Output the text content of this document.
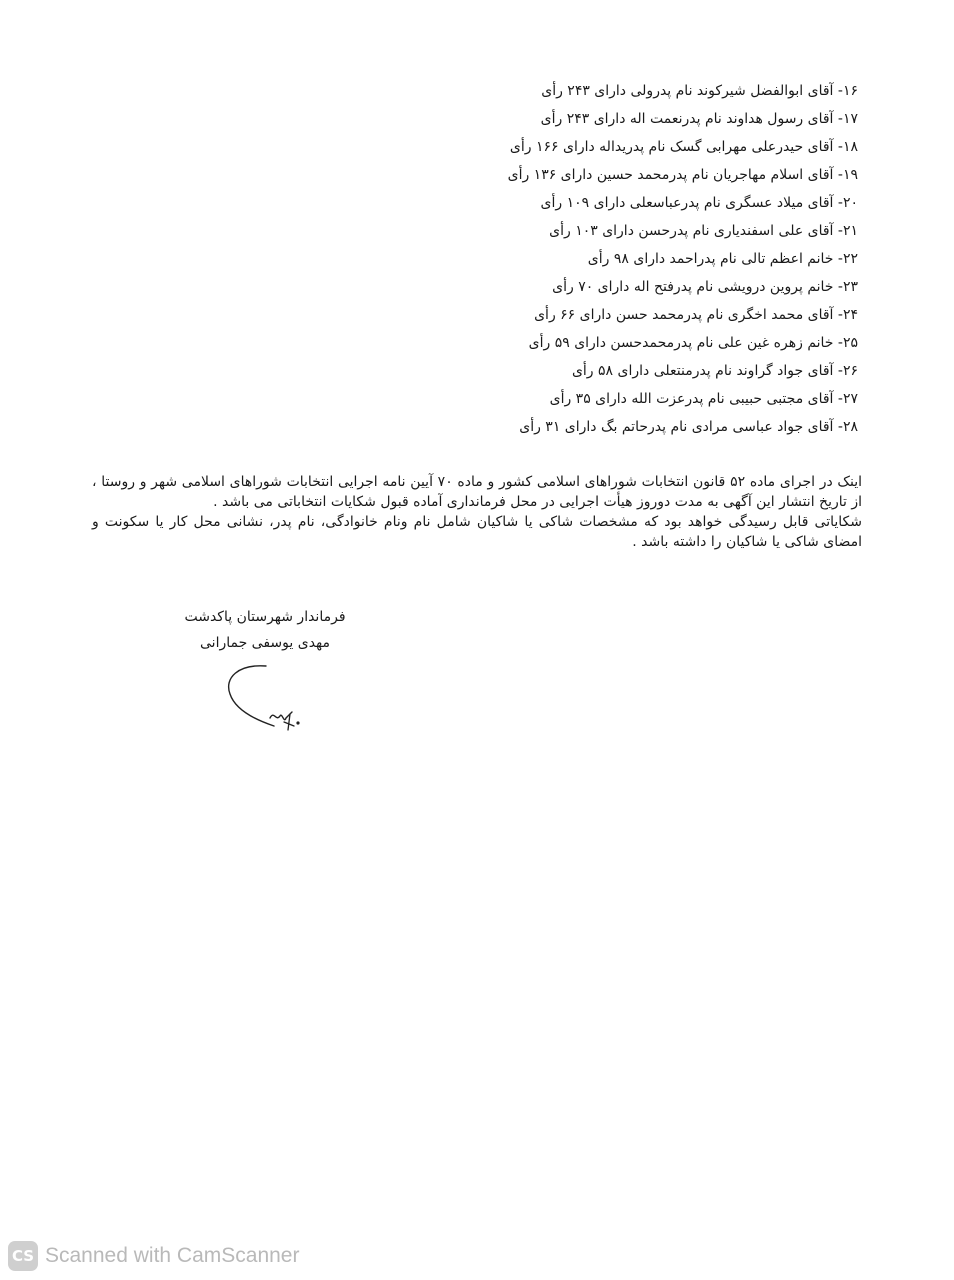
۱۶- آقای ابوالفضل شیرکوند نام پدرولی دارای ۲۴۳ رأی
۱۷- آقای رسول هداوند نام پدرنعمت اله دارای ۲۴۳ رأی
۱۸- آقای حیدرعلی مهرابی گسک نام پدریداله دارای ۱۶۶ رأی
۱۹- آقای اسلام مهاجریان نام پدرمحمد حسین دارای ۱۳۶ رأی
۲۰- آقای میلاد عسگری نام پدرعباسعلی دارای ۱۰۹ رأی
۲۱- آقای علی اسفندیاری نام پدرحسن دارای ۱۰۳ رأی
۲۲- خانم اعظم تالی نام پدراحمد دارای ۹۸ رأی
۲۳- خانم پروین درویشی نام پدرفتح اله دارای ۷۰ رأی
۲۴- آقای محمد اخگری نام پدرمحمد حسن دارای ۶۶ رأی
۲۵- خانم زهره غین علی نام پدرمحمدحسن دارای ۵۹ رأی
۲۶- آقای جواد گراوند نام پدرمنتعلی دارای ۵۸ رأی
۲۷- آقای مجتبی حبیبی نام پدرعزت الله دارای ۳۵ رأی
۲۸- آقای جواد عباسی مرادی نام پدرحاتم بگ دارای ۳۱ رأی

اینک در اجرای ماده ۵۲ قانون انتخابات شوراهای اسلامی کشور و ماده ۷۰ آیین نامه اجرایی انتخابات شوراهای اسلامی شهر و روستا ، از تاریخ انتشار این آگهی به مدت دوروز هیأت اجرایی در محل فرمانداری آماده قبول شکایات انتخاباتی می باشد .

شکایاتی قابل رسیدگی خواهد بود که مشخصات شاکی یا شاکیان شامل نام ونام خانوادگی، نام پدر، نشانی محل کار یا سکونت و امضای شاکی یا شاکیان را داشته باشد .

فرماندار شهرستان پاکدشت
مهدی یوسفی جمارانی
CS Scanned with CamScanner
